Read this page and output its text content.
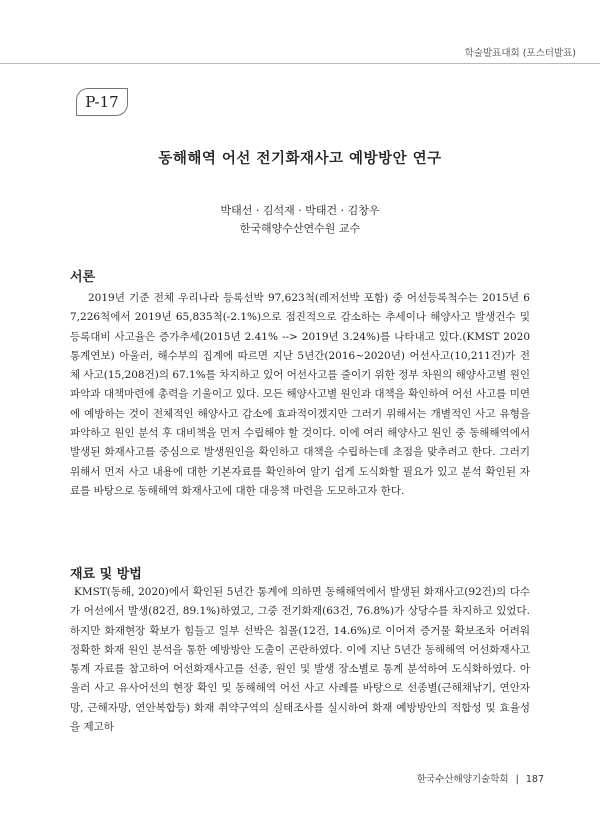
학술발표대회 (포스터발표)
P-17
동해해역 어선 전기화재사고 예방방안 연구
박태선 · 김석재 · 박태건 · 김창우
한국해양수산연수원 교수
서론
2019년 기준 전체 우리나라 등록선박 97,623척(레저선박 포함) 중 어선등록척수는 2015년 67,226척에서 2019년 65,835척(-2.1%)으로 점진적으로 감소하는 추세이나 해양사고 발생건수 및 등록대비 사고율은 증가추세(2015년 2.41% --> 2019년 3.24%)를 나타내고 있다.(KMST 2020 통계연보) 아울러, 해수부의 집계에 따르면 지난 5년간(2016~2020년) 어선사고(10,211건)가 전체 사고(15,208건)의 67.1%를 차지하고 있어 어선사고를 줄이기 위한 정부 차원의 해양사고별 원인파악과 대책마련에 총력을 기울이고 있다. 모든 해양사고별 원인과 대책을 확인하여 어선 사고를 미연에 예방하는 것이 전체적인 해양사고 감소에 효과적이겠지만 그러기 위해서는 개별적인 사고 유형을 파악하고 원인 분석 후 대비책을 먼저 수립해야 할 것이다. 이에 여러 해양사고 원인 중 동해해역에서 발생된 화재사고를 중심으로 발생원인을 확인하고 대책을 수립하는데 초점을 맞추려고 한다. 그러기 위해서 먼저 사고 내용에 대한 기본자료를 확인하여 알기 쉽게 도식화할 필요가 있고 분석 확인된 자료를 바탕으로 동해해역 화재사고에 대한 대응책 마련을 도모하고자 한다.
재료 및 방법
KMST(동해, 2020)에서 확인된 5년간 통계에 의하면 동해해역에서 발생된 화재사고(92건)의 다수가 어선에서 발생(82건, 89.1%)하였고, 그중 전기화재(63건, 76.8%)가 상당수를 차지하고 있었다. 하지만 화재현장 확보가 힘들고 일부 선박은 침몰(12건, 14.6%)로 이어져 증거물 확보조차 어려워 정확한 화재 원인 분석을 통한 예방방안 도출이 곤란하였다. 이에 지난 5년간 동해해역 어선화재사고 통계 자료를 참고하여 어선화재사고를 선종, 원인 및 발생 장소별로 통계 분석하여 도식화하였다. 아울러 사고 유사어선의 현장 확인 및 동해해역 어선 사고 사례를 바탕으로 선종별(근해채낚기, 연안자망, 근해자망, 연안복합등) 화재 취약구역의 실태조사를 실시하여 화재 예방방안의 적합성 및 효율성을 제고하
한국수산해양기술학회 | 187
